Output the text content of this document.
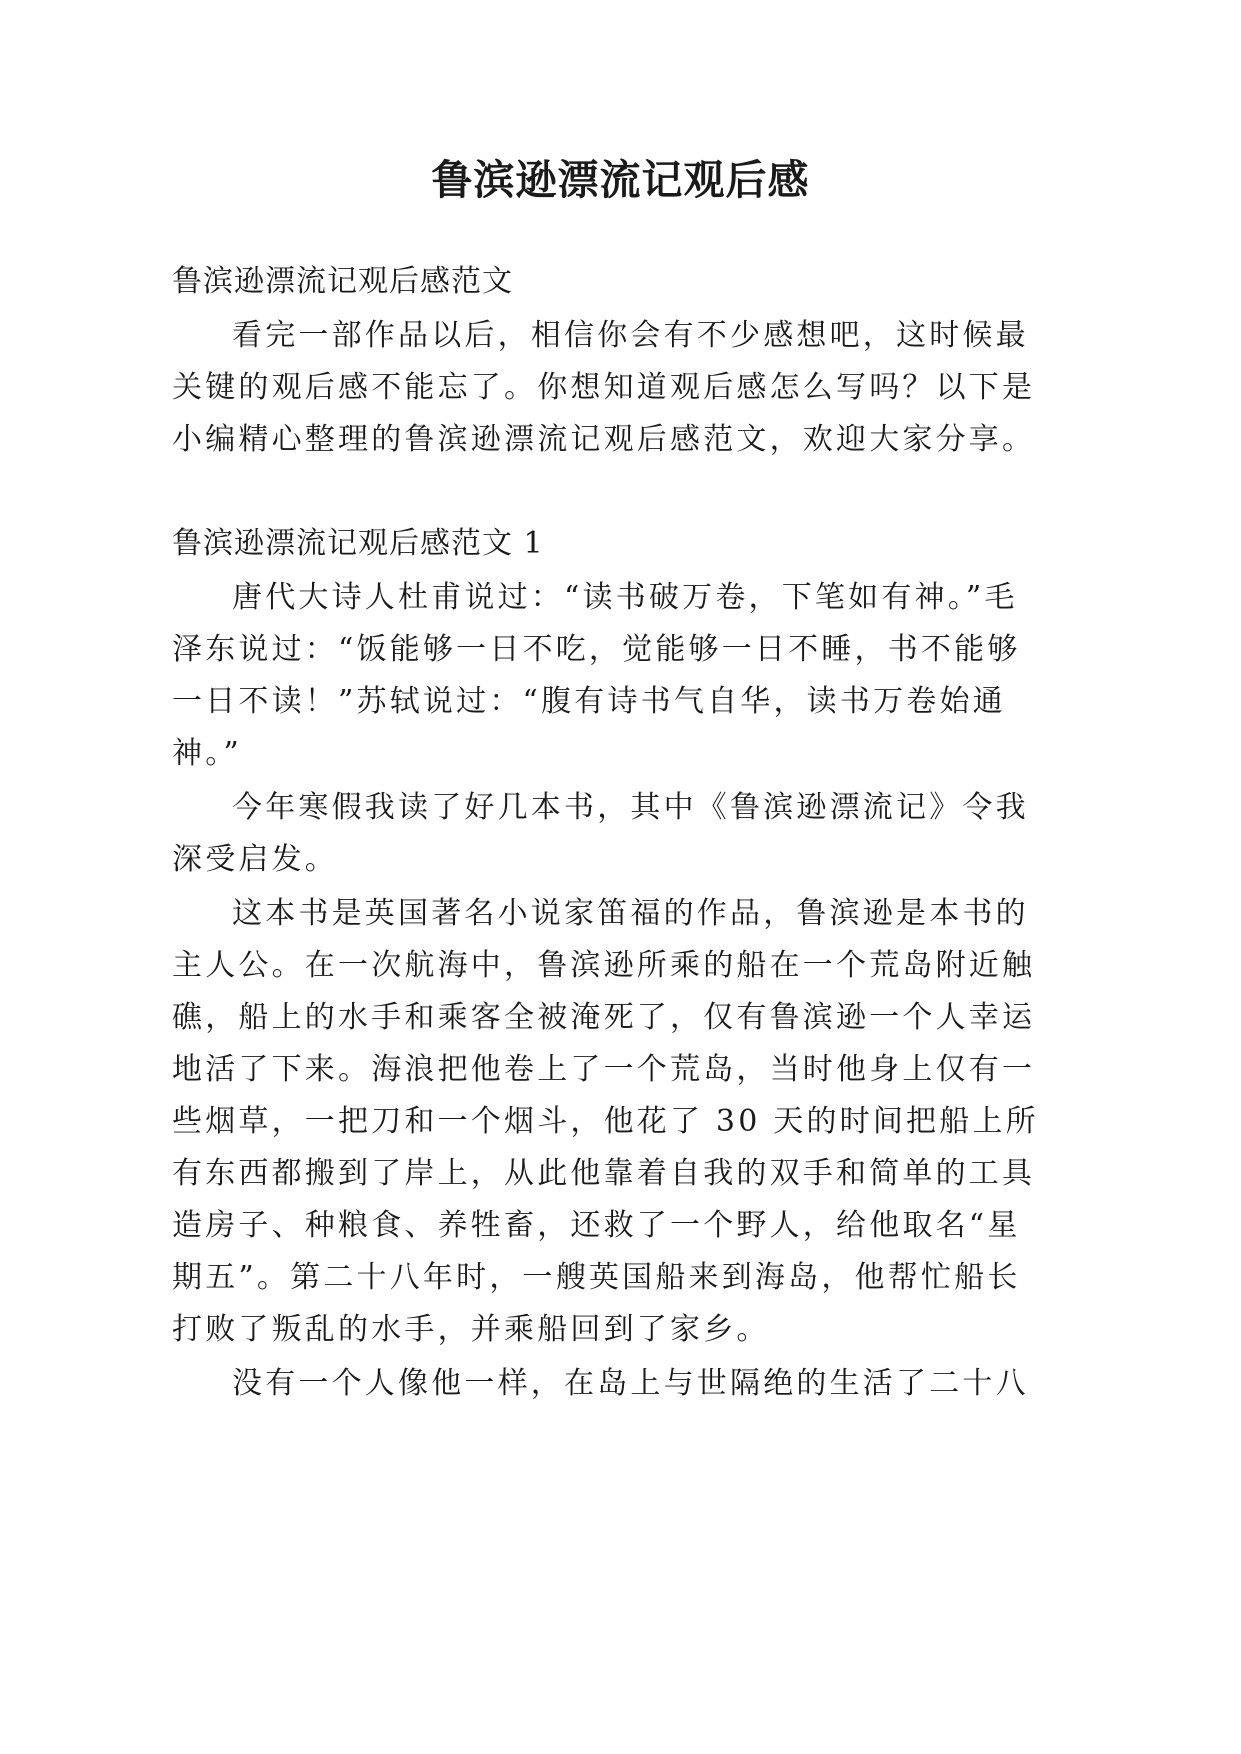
鲁滨逊漂流记观后感

鲁滨逊漂流记观后感范文

看完一部作品以后，相信你会有不少感想吧，这时候最

关键的观后感不能忘了。你想知道观后感怎么写吗？以下是

小编精心整理的鲁滨逊漂流记观后感范文，欢迎大家分享。

鲁滨逊漂流记观后感范文 1

唐代大诗人杜甫说过：“读书破万卷，下笔如有神。”毛

泽东说过：“饭能够一日不吃，觉能够一日不睡，书不能够

一日不读！”苏轼说过：“腹有诗书气自华，读书万卷始通

神。”

今年寒假我读了好几本书，其中《鲁滨逊漂流记》令我

深受启发。

这本书是英国著名小说家笛福的作品，鲁滨逊是本书的

主人公。在一次航海中，鲁滨逊所乘的船在一个荒岛附近触

礁，船上的水手和乘客全被淹死了，仅有鲁滨逊一个人幸运

地活了下来。海浪把他卷上了一个荒岛，当时他身上仅有一

些烟草，一把刀和一个烟斗，他花了 30 天的时间把船上所

有东西都搬到了岸上，从此他靠着自我的双手和简单的工具

造房子、种粮食、养牲畜，还救了一个野人，给他取名“星

期五”。第二十八年时，一艘英国船来到海岛，他帮忙船长

打败了叛乱的水手，并乘船回到了家乡。

没有一个人像他一样，在岛上与世隔绝的生活了二十八
